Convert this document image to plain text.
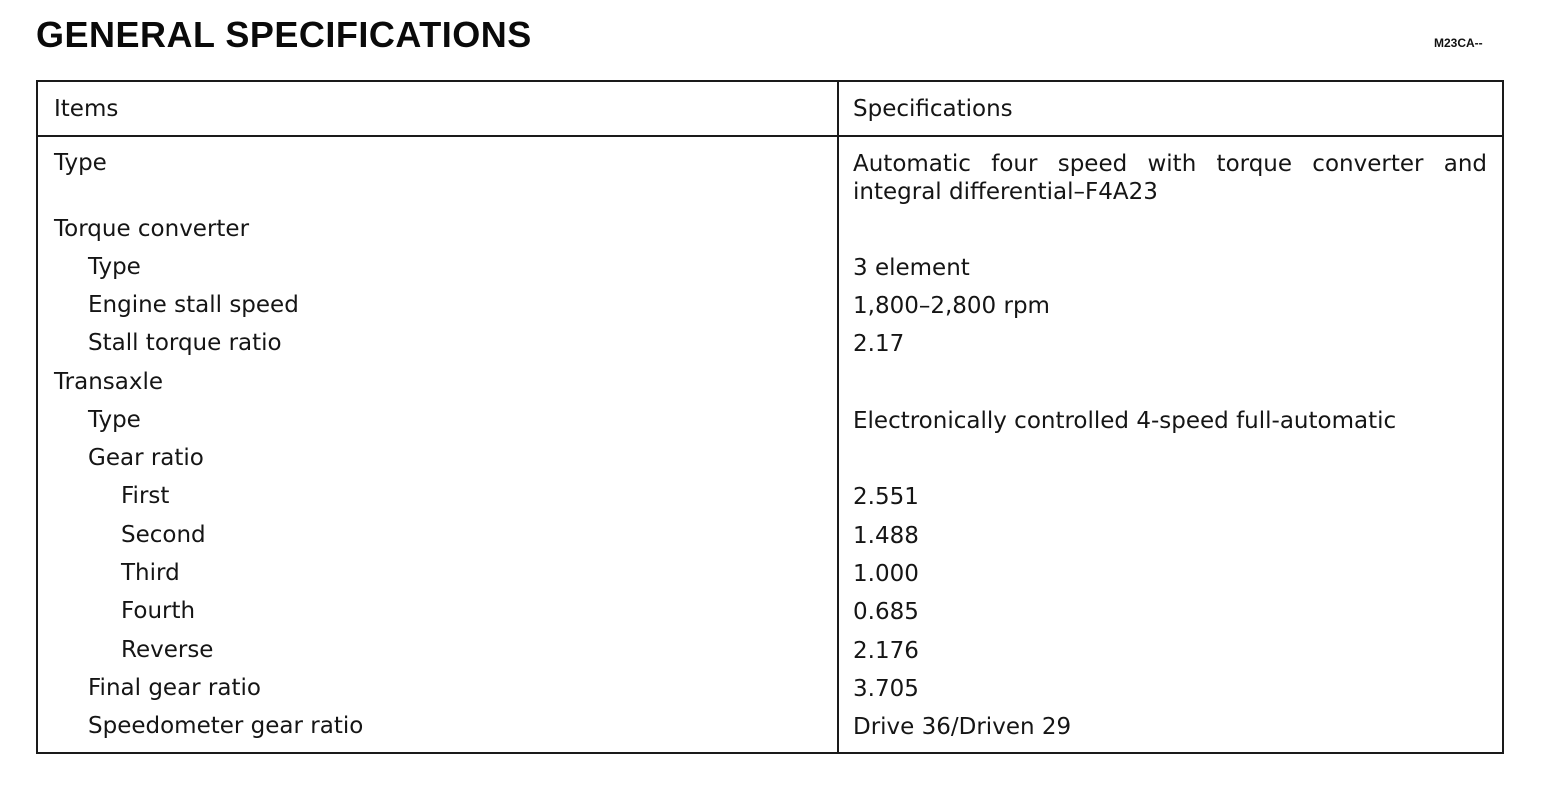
GENERAL SPECIFICATIONS	M23CA--
Items	Specifications
Type	Automatic four speed with torque converter and integral differential–F4A23
Torque converter
Type	3 element
Engine stall speed	1,800–2,800 rpm
Stall torque ratio	2.17
Transaxle
Type	Electronically controlled 4-speed full-automatic
Gear ratio
First	2.551
Second	1.488
Third	1.000
Fourth	0.685
Reverse	2.176
Final gear ratio	3.705
Speedometer gear ratio	Drive 36/Driven 29
